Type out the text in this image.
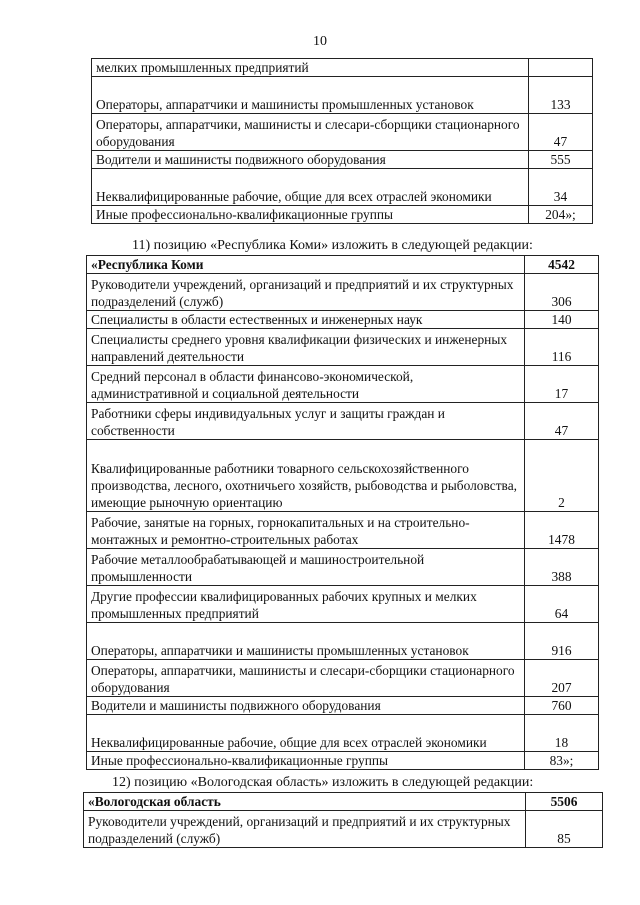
10
мелких промышленных предприятий	
Операторы, аппаратчики и машинисты промышленных установок	133
Операторы, аппаратчики, машинисты и слесари-сборщики стационарного оборудования	47
Водители и машинисты подвижного оборудования	555
Неквалифицированные рабочие, общие для всех отраслей экономики	34
Иные профессионально-квалификационные группы	204»;
11) позицию «Республика Коми» изложить в следующей редакции:
«Республика Коми	4542
Руководители учреждений, организаций и предприятий и их структурных подразделений (служб)	306
Специалисты в области естественных и инженерных наук	140
Специалисты среднего уровня квалификации физических и инженерных направлений деятельности	116
Средний персонал в области финансово-экономической, административной и социальной деятельности	17
Работники сферы индивидуальных услуг и защиты граждан и собственности	47
Квалифицированные работники товарного сельскохозяйственного производства, лесного, охотничьего хозяйств, рыбоводства и рыболовства, имеющие рыночную ориентацию	2
Рабочие, занятые на горных, горнокапитальных и на строительно-монтажных и ремонтно-строительных работах	1478
Рабочие металлообрабатывающей и машиностроительной промышленности	388
Другие профессии квалифицированных рабочих крупных и мелких промышленных предприятий	64
Операторы, аппаратчики и машинисты промышленных установок	916
Операторы, аппаратчики, машинисты и слесари-сборщики стационарного оборудования	207
Водители и машинисты подвижного оборудования	760
Неквалифицированные рабочие, общие для всех отраслей экономики	18
Иные профессионально-квалификационные группы	83»;
12) позицию «Вологодская область» изложить в следующей редакции:
«Вологодская область	5506
Руководители учреждений, организаций и предприятий и их структурных подразделений (служб)	85
